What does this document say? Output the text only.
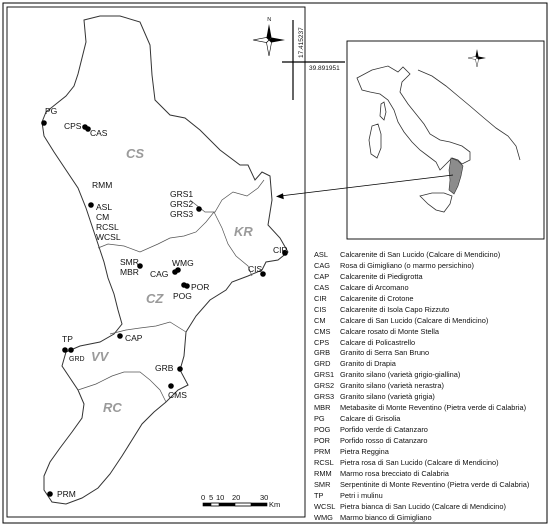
CS
KR
CZ
VV
RC
PG
CPS
CAS
RMM
ASL
CM
RCSL
WCSL
GRS1
GRS2
GRS3
CIR
CIS
SMR
MBR
WMG
CAG
POR
POG
TP	CAP
GRD
GRB
CMS
PRM
N
17.415237
39.891951
0 5 10 20	30
Km
ASL	Calcarenite di San Lucido (Calcare di Mendicino)
CAG	Rosa di Gimigliano (o marmo persichino)
CAP	Calcarenite di Piedigrotta
CAS	Calcare di Arcomano
CIR	Calcarenite di Crotone
CIS	Calcarenite di Isola Capo Rizzuto
CM	Calcare di San Lucido (Calcare di Mendicino)
CMS	Calcare rosato di Monte Stella
CPS	Calcare di Policastrello
GRB	Granito di Serra San Bruno
GRD	Granito di Drapia
GRS1 Granito silano (varietà grigio-giallina)
GRS2 Granito silano (varietà nerastra)
GRS3 Granito silano (varietà grigia)
MBR	Metabasite di Monte Reventino (Pietra verde di Calabria)
PG	Calcare di Grisolia
POG	Porfido verde di Catanzaro
POR	Porfido rosso di Catanzaro
PRM	Pietra Reggina
RCSL Pietra rosa di San Lucido (Calcare di Mendicino)
RMM	Marmo rosa brecciato di Calabria
SMR	Serpentinite di Monte Reventino (Pietra verde di Calabria)
TP	Petri i mulinu
WCSL Pietra bianca di San Lucido (Calcare di Mendicino)
WMG Marmo bianco di Gimigliano
